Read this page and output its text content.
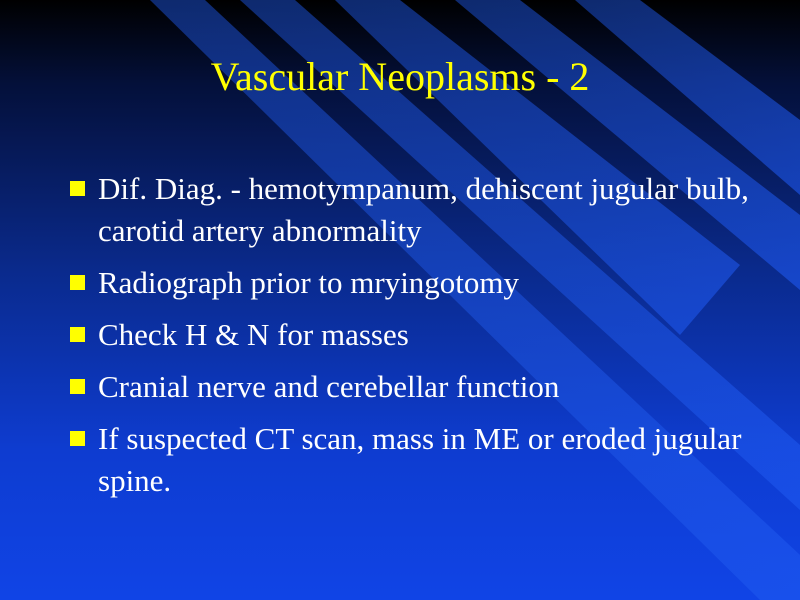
Vascular Neoplasms - 2
Dif. Diag. - hemotympanum, dehiscent jugular bulb, carotid artery abnormality
Radiograph prior to mryingotomy
Check H & N for masses
Cranial nerve and cerebellar function
If suspected CT scan, mass in ME or eroded jugular spine.
